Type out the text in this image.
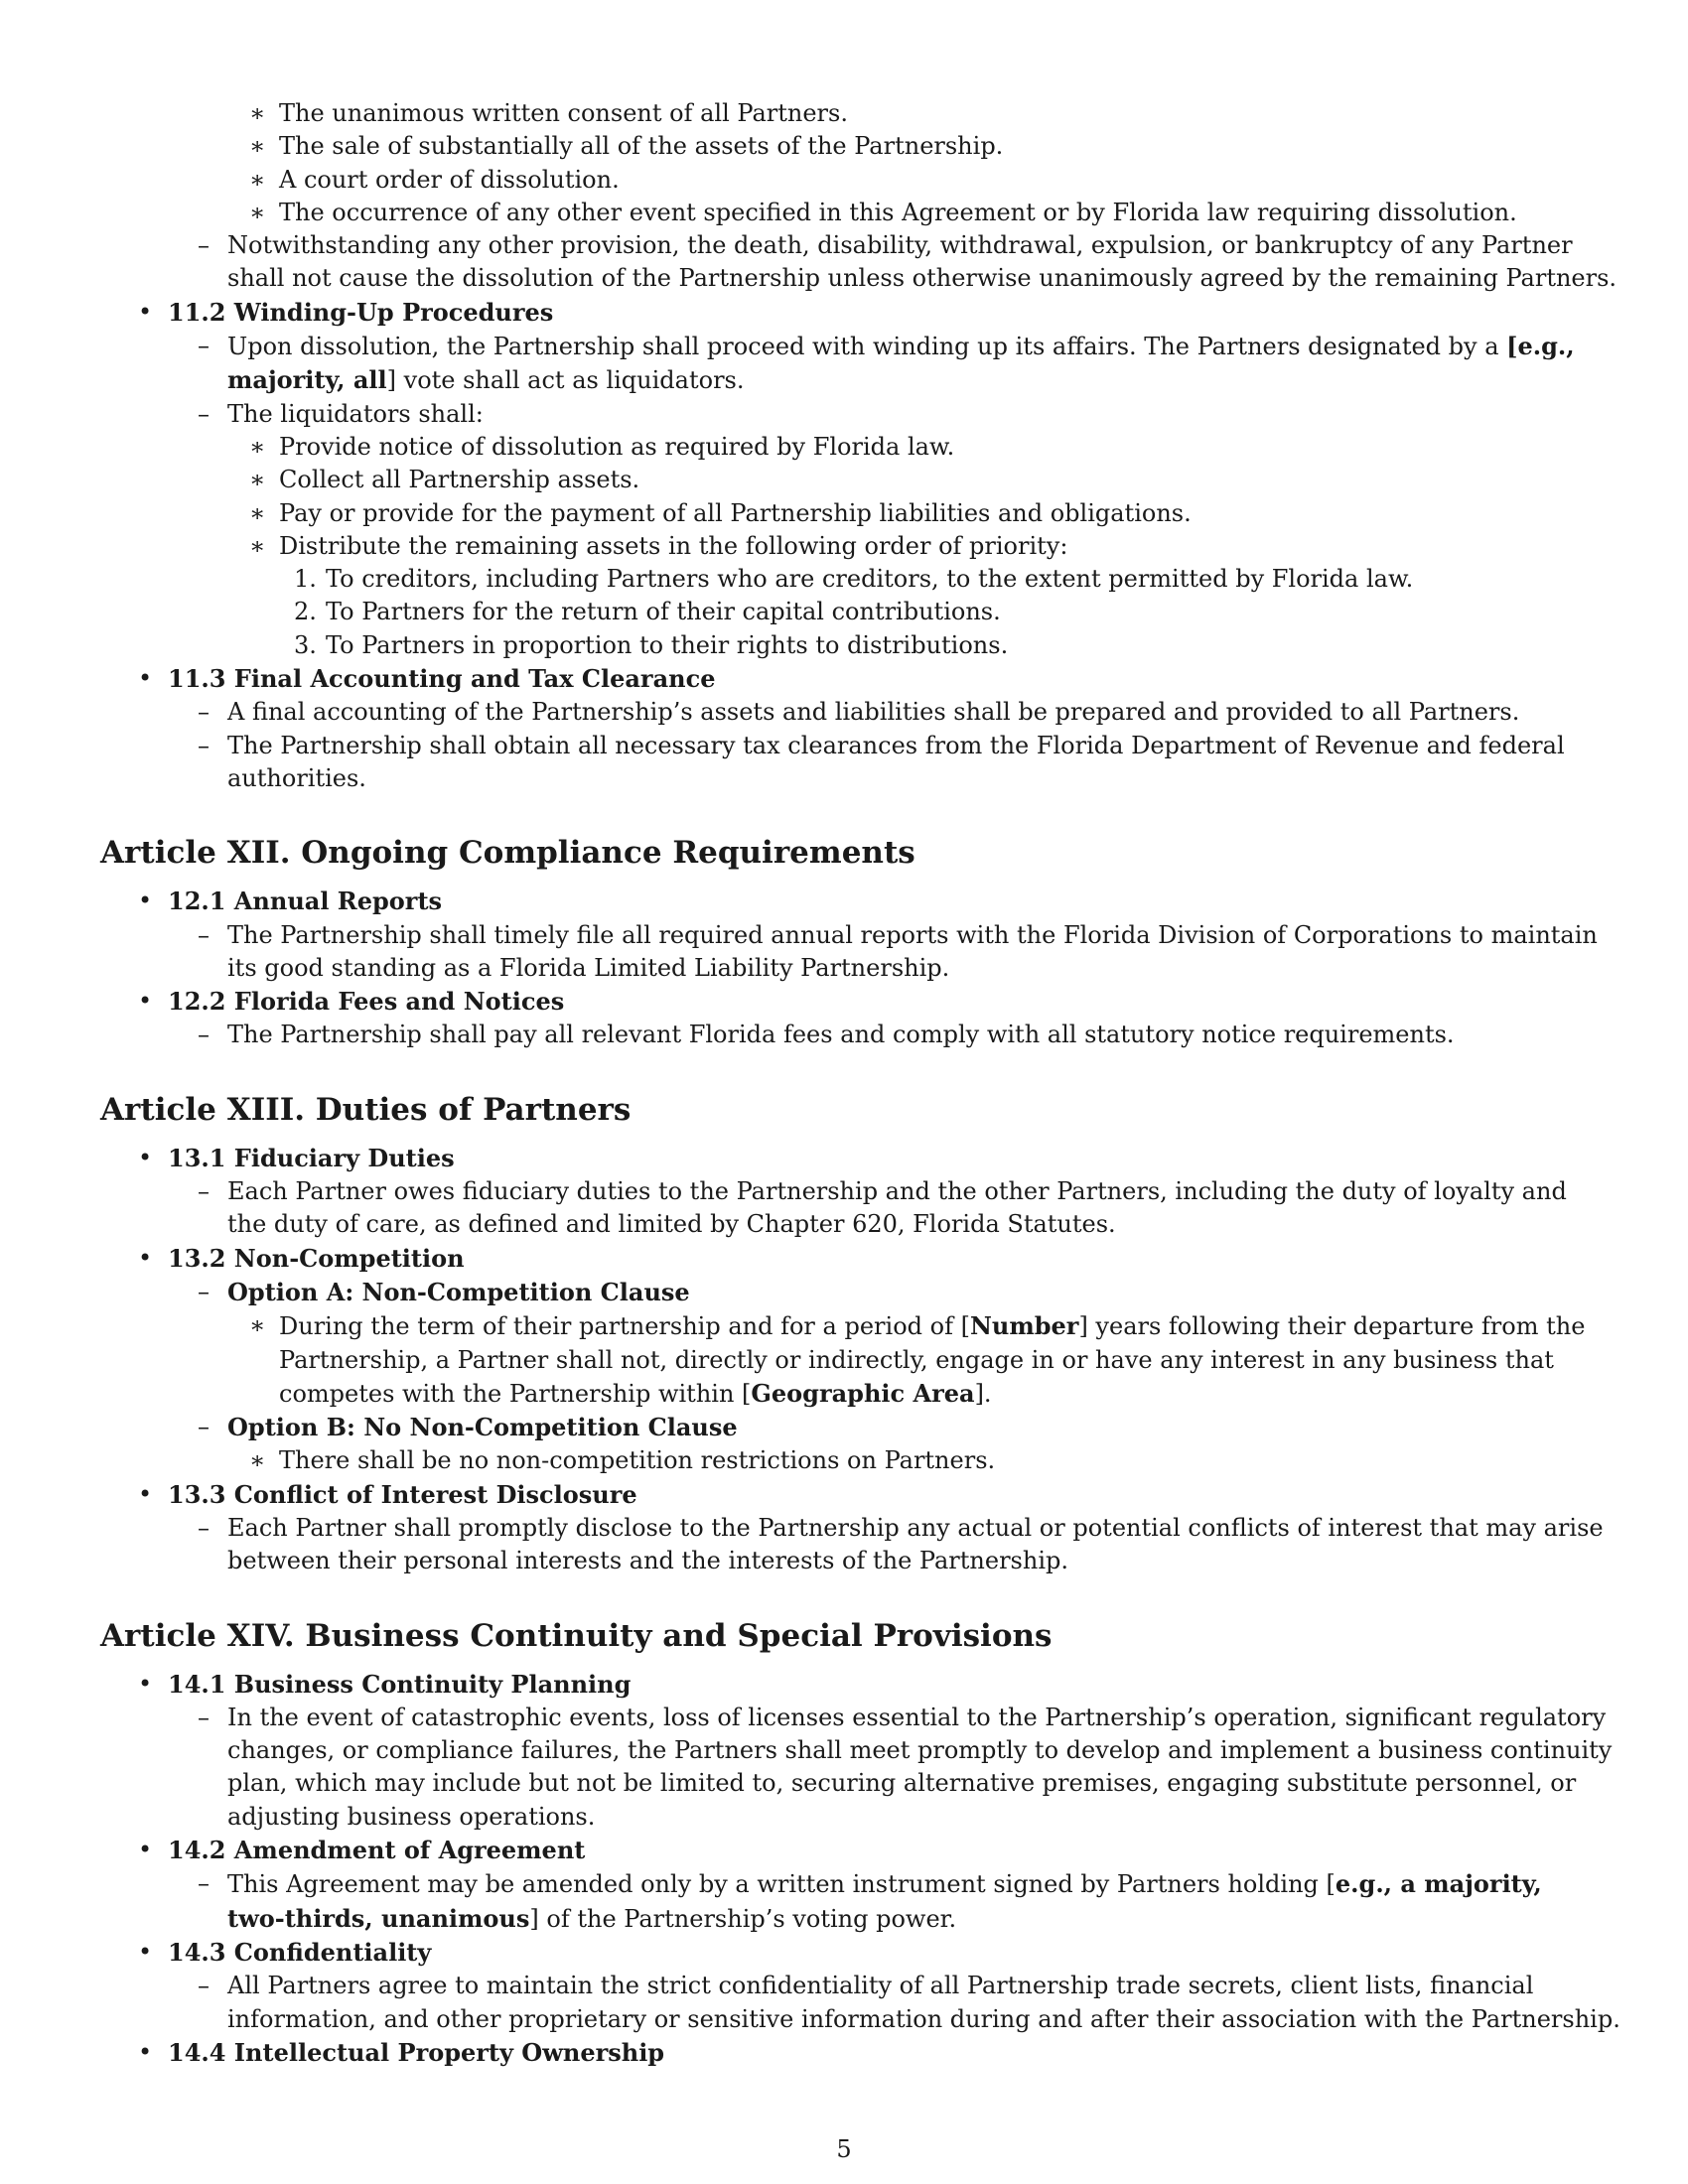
∗ The unanimous written consent of all Partners.
∗ The sale of substantially all of the assets of the Partnership.
∗ A court order of dissolution.
∗ The occurrence of any other event specified in this Agreement or by Florida law requiring dissolution.
– Notwithstanding any other provision, the death, disability, withdrawal, expulsion, or bankruptcy of any Partner
shall not cause the dissolution of the Partnership unless otherwise unanimously agreed by the remaining Partners.
• 11.2 Winding-Up Procedures
– Upon dissolution, the Partnership shall proceed with winding up its affairs. The Partners designated by a [e.g.,
majority, all] vote shall act as liquidators.
– The liquidators shall:
∗ Provide notice of dissolution as required by Florida law.
∗ Collect all Partnership assets.
∗ Pay or provide for the payment of all Partnership liabilities and obligations.
∗ Distribute the remaining assets in the following order of priority:
1. To creditors, including Partners who are creditors, to the extent permitted by Florida law.
2. To Partners for the return of their capital contributions.
3. To Partners in proportion to their rights to distributions.
• 11.3 Final Accounting and Tax Clearance
– A final accounting of the Partnership’s assets and liabilities shall be prepared and provided to all Partners.
– The Partnership shall obtain all necessary tax clearances from the Florida Department of Revenue and federal
authorities.
Article XII. Ongoing Compliance Requirements
• 12.1 Annual Reports
– The Partnership shall timely file all required annual reports with the Florida Division of Corporations to maintain
its good standing as a Florida Limited Liability Partnership.
• 12.2 Florida Fees and Notices
– The Partnership shall pay all relevant Florida fees and comply with all statutory notice requirements.
Article XIII. Duties of Partners
• 13.1 Fiduciary Duties
– Each Partner owes fiduciary duties to the Partnership and the other Partners, including the duty of loyalty and
the duty of care, as defined and limited by Chapter 620, Florida Statutes.
• 13.2 Non-Competition
– Option A: Non-Competition Clause
∗ During the term of their partnership and for a period of [Number] years following their departure from the
Partnership, a Partner shall not, directly or indirectly, engage in or have any interest in any business that
competes with the Partnership within [Geographic Area].
– Option B: No Non-Competition Clause
∗ There shall be no non-competition restrictions on Partners.
• 13.3 Conflict of Interest Disclosure
– Each Partner shall promptly disclose to the Partnership any actual or potential conflicts of interest that may arise
between their personal interests and the interests of the Partnership.
Article XIV. Business Continuity and Special Provisions
• 14.1 Business Continuity Planning
– In the event of catastrophic events, loss of licenses essential to the Partnership’s operation, significant regulatory
changes, or compliance failures, the Partners shall meet promptly to develop and implement a business continuity
plan, which may include but not be limited to, securing alternative premises, engaging substitute personnel, or
adjusting business operations.
• 14.2 Amendment of Agreement
– This Agreement may be amended only by a written instrument signed by Partners holding [e.g., a majority,
two-thirds, unanimous] of the Partnership’s voting power.
• 14.3 Confidentiality
– All Partners agree to maintain the strict confidentiality of all Partnership trade secrets, client lists, financial
information, and other proprietary or sensitive information during and after their association with the Partnership.
• 14.4 Intellectual Property Ownership
5
